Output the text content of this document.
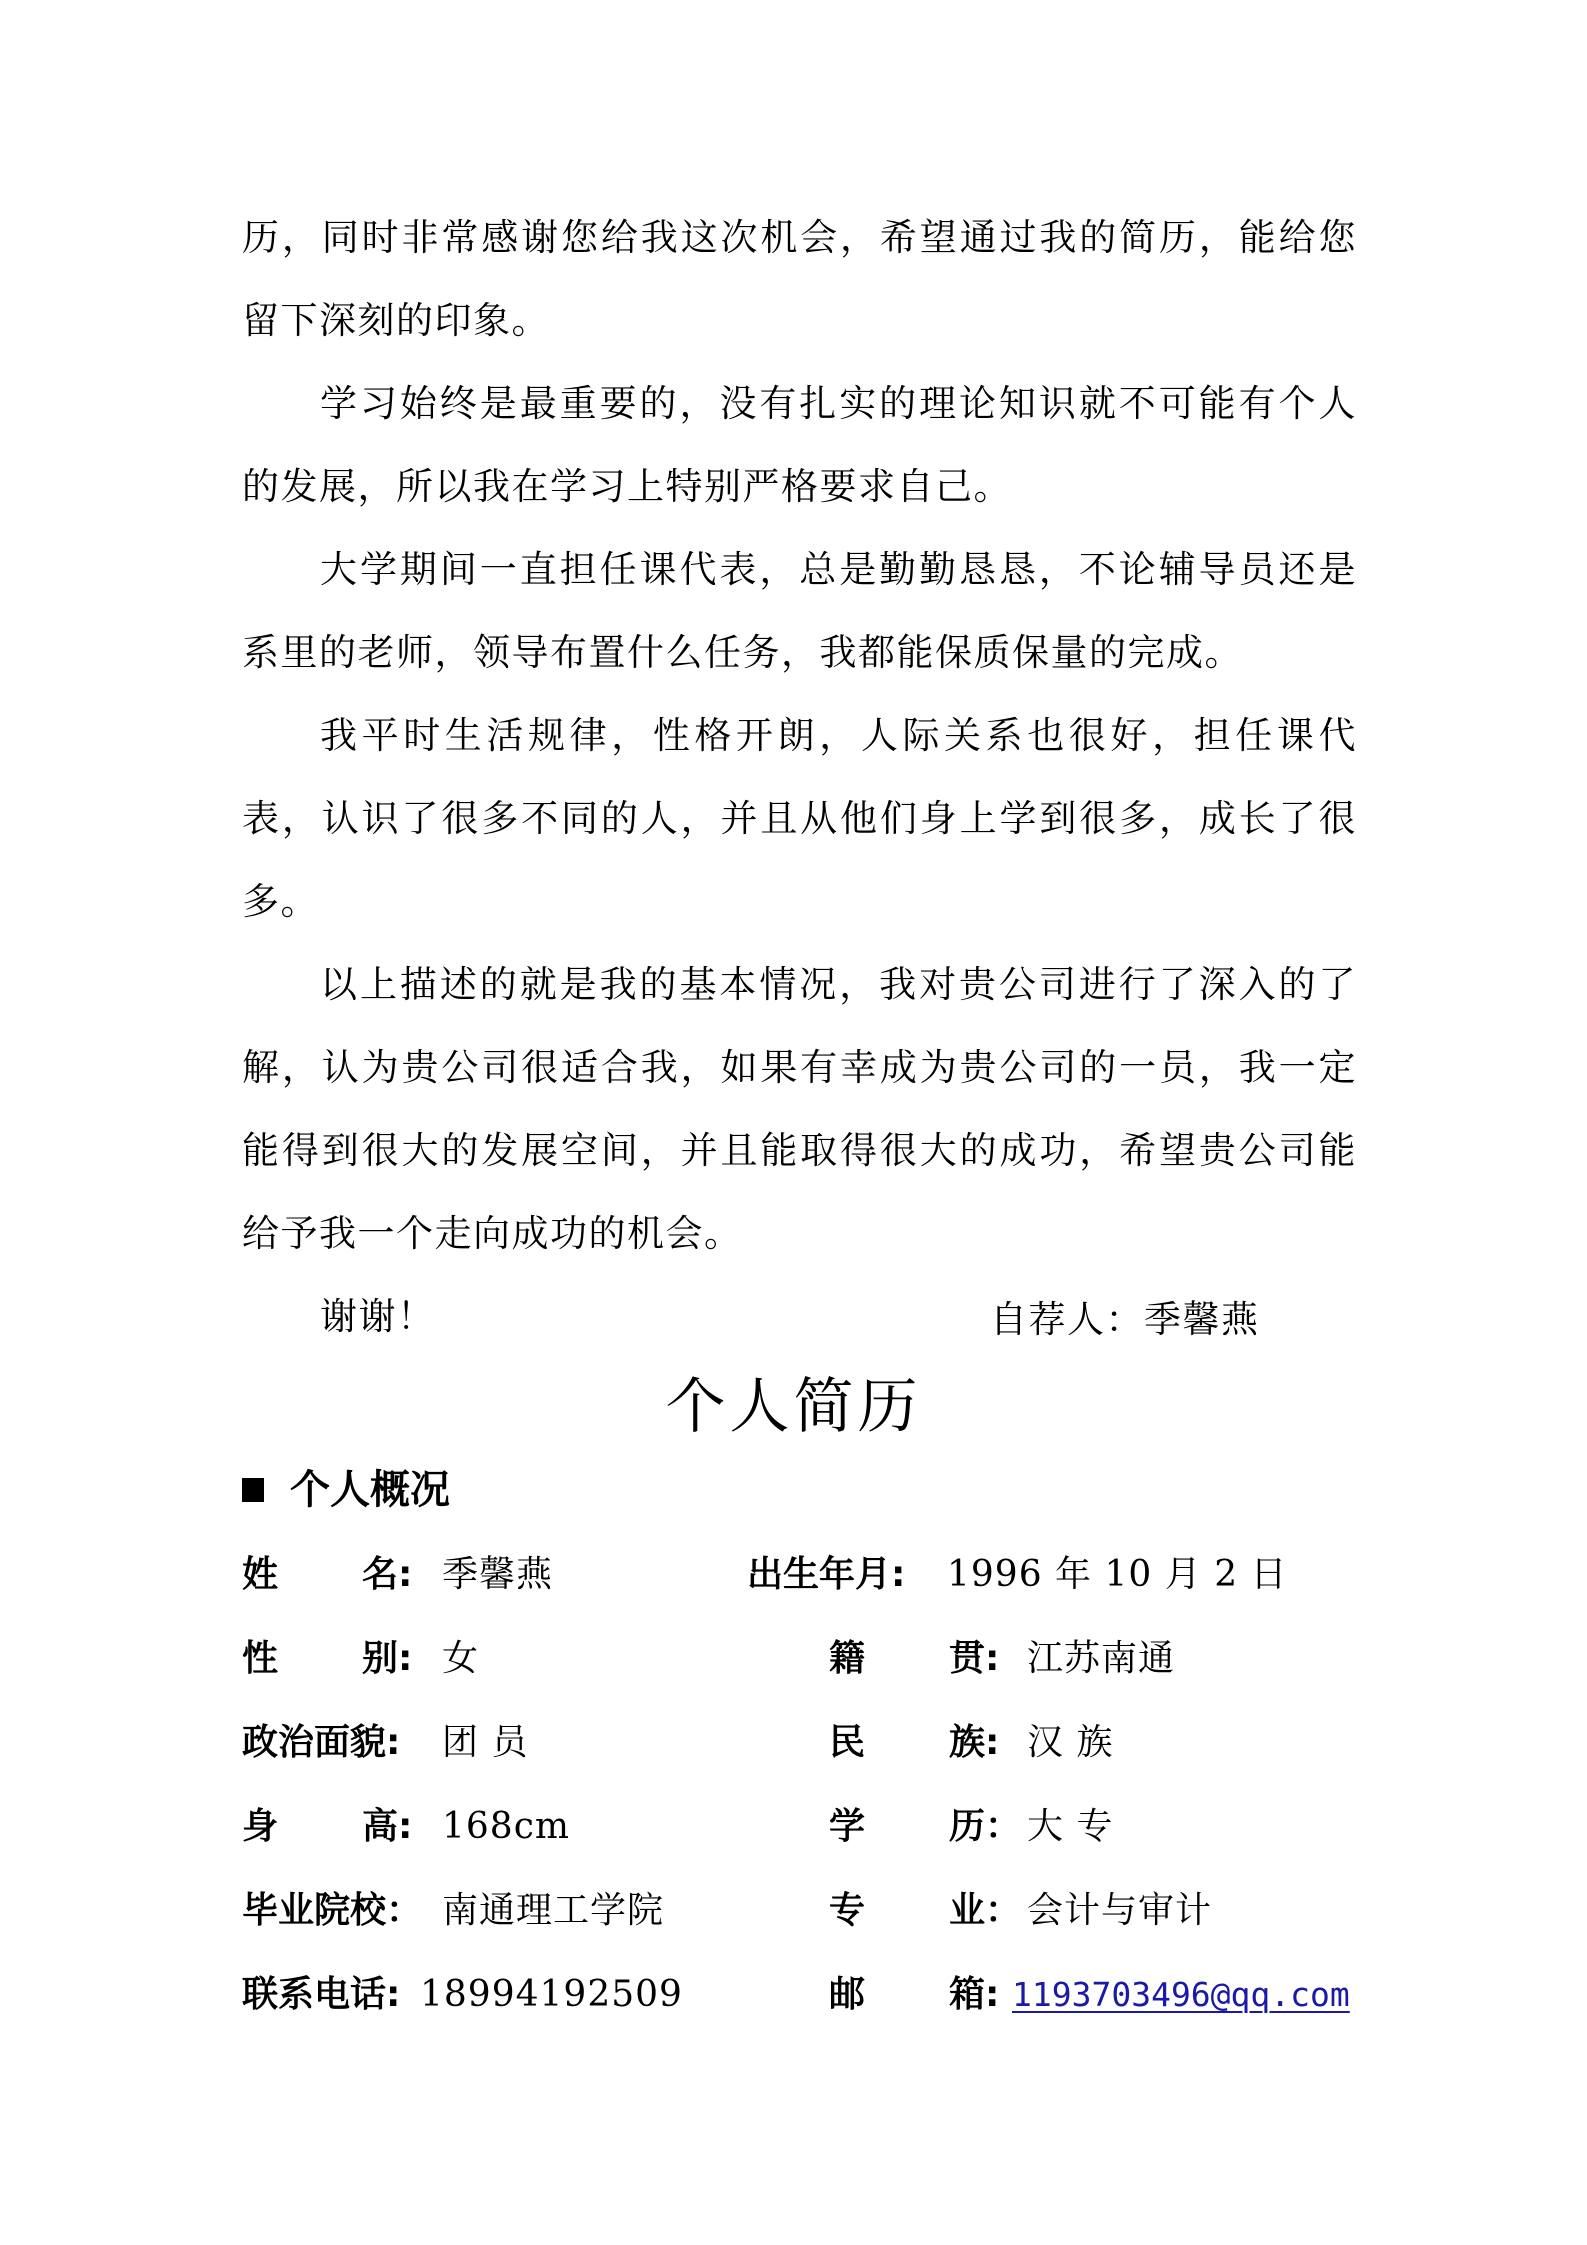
历，同时非常感谢您给我这次机会，希望通过我的简历，能给您留下深刻的印象。

学习始终是最重要的，没有扎实的理论知识就不可能有个人的发展，所以我在学习上特别严格要求自己。

大学期间一直担任课代表，总是勤勤恳恳，不论辅导员还是系里的老师，领导布置什么任务，我都能保质保量的完成。

我平时生活规律，性格开朗，人际关系也很好，担任课代表，认识了很多不同的人，并且从他们身上学到很多，成长了很多。

以上描述的就是我的基本情况，我对贵公司进行了深入的了解，认为贵公司很适合我，如果有幸成为贵公司的一员，我一定能得到很大的发展空间，并且能取得很大的成功，希望贵公司能给予我一个走向成功的机会。

谢谢！	自荐人：季馨燕
个人简历
个人概况
姓 名: 季馨燕	出生年月: 1996 年 10 月 2 日
性 别: 女	籍 贯: 江苏南通
政治面貌: 团 员	民 族: 汉 族
身 高: 168cm	学 历： 大 专
毕业院校： 南通理工学院	专 业： 会计与审计
联系电话: 18994192509	邮 箱: 1193703496@qq.com
